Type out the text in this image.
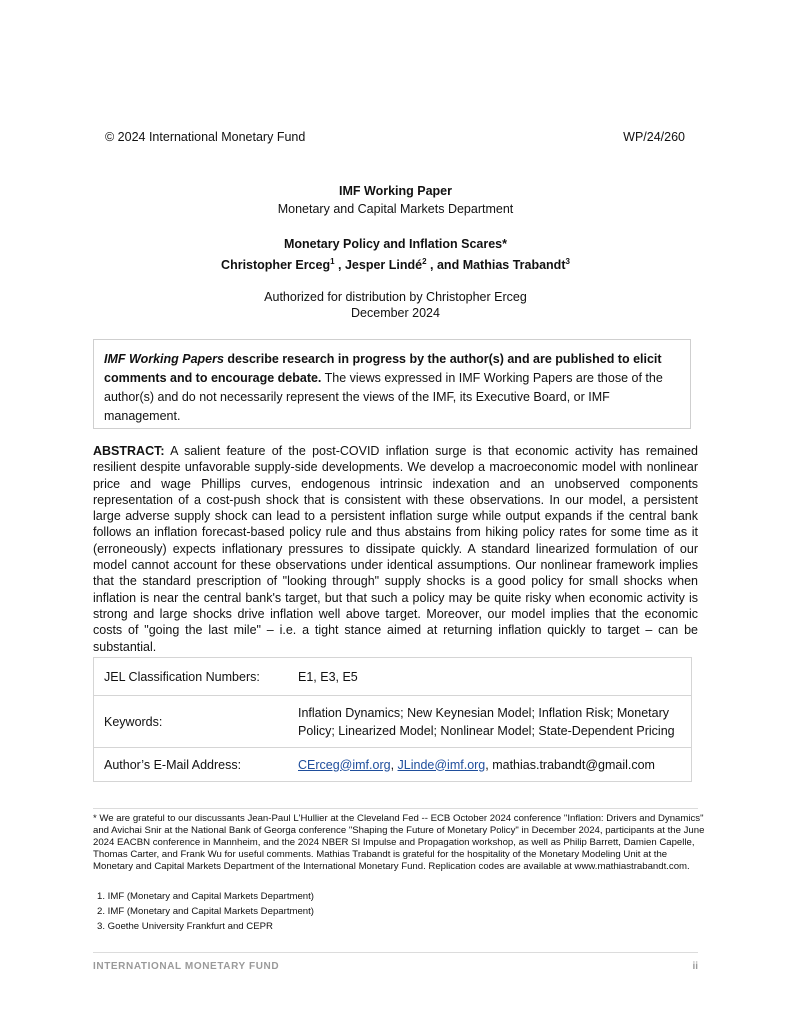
© 2024 International Monetary Fund	WP/24/260
IMF Working Paper
Monetary and Capital Markets Department
Monetary Policy and Inflation Scares*
Christopher Erceg$^1$ , Jesper Lindé$^2$ , and Mathias Trabandt$^3$
Authorized for distribution by Christopher Erceg
December 2024
IMF Working Papers describe research in progress by the author(s) and are published to elicit comments and to encourage debate. The views expressed in IMF Working Papers are those of the author(s) and do not necessarily represent the views of the IMF, its Executive Board, or IMF management.
ABSTRACT: A salient feature of the post-COVID inflation surge is that economic activity has remained resilient despite unfavorable supply-side developments. We develop a macroeconomic model with nonlinear price and wage Phillips curves, endogenous intrinsic indexation and an unobserved components representation of a cost-push shock that is consistent with these observations. In our model, a persistent large adverse supply shock can lead to a persistent inflation surge while output expands if the central bank follows an inflation forecast-based policy rule and thus abstains from hiking policy rates for some time as it (erroneously) expects inflationary pressures to dissipate quickly. A standard linearized formulation of our model cannot account for these observations under identical assumptions. Our nonlinear framework implies that the standard prescription of "looking through" supply shocks is a good policy for small shocks when inflation is near the central bank's target, but that such a policy may be quite risky when economic activity is strong and large shocks drive inflation well above target. Moreover, our model implies that the economic costs of "going the last mile" – i.e. a tight stance aimed at returning inflation quickly to target – can be substantial.
JEL Classification Numbers:	E1, E3, E5
Keywords:	Inflation Dynamics; New Keynesian Model; Inflation Risk; Monetary Policy; Linearized Model; Nonlinear Model; State-Dependent Pricing
Author’s E-Mail Address:	CErceg@imf.org, JLinde@imf.org, mathias.trabandt@gmail.com
* We are grateful to our discussants Jean-Paul L'Hullier at the Cleveland Fed -- ECB October 2024 conference "Inflation: Drivers and Dynamics" and Avichai Snir at the National Bank of Georga conference "Shaping the Future of Monetary Policy" in December 2024, participants at the June 2024 EACBN conference in Mannheim, and the 2024 NBER SI Impulse and Propagation workshop, as well as Philip Barrett, Damien Capelle, Thomas Carter, and Frank Wu for useful comments. Mathias Trabandt is grateful for the hospitality of the Monetary Modeling Unit at the Monetary and Capital Markets Department of the International Monetary Fund. Replication codes are available at www.mathiastrabandt.com.
1. IMF (Monetary and Capital Markets Department)
2. IMF (Monetary and Capital Markets Department)
3. Goethe University Frankfurt and CEPR
INTERNATIONAL MONETARY FUND	ii
